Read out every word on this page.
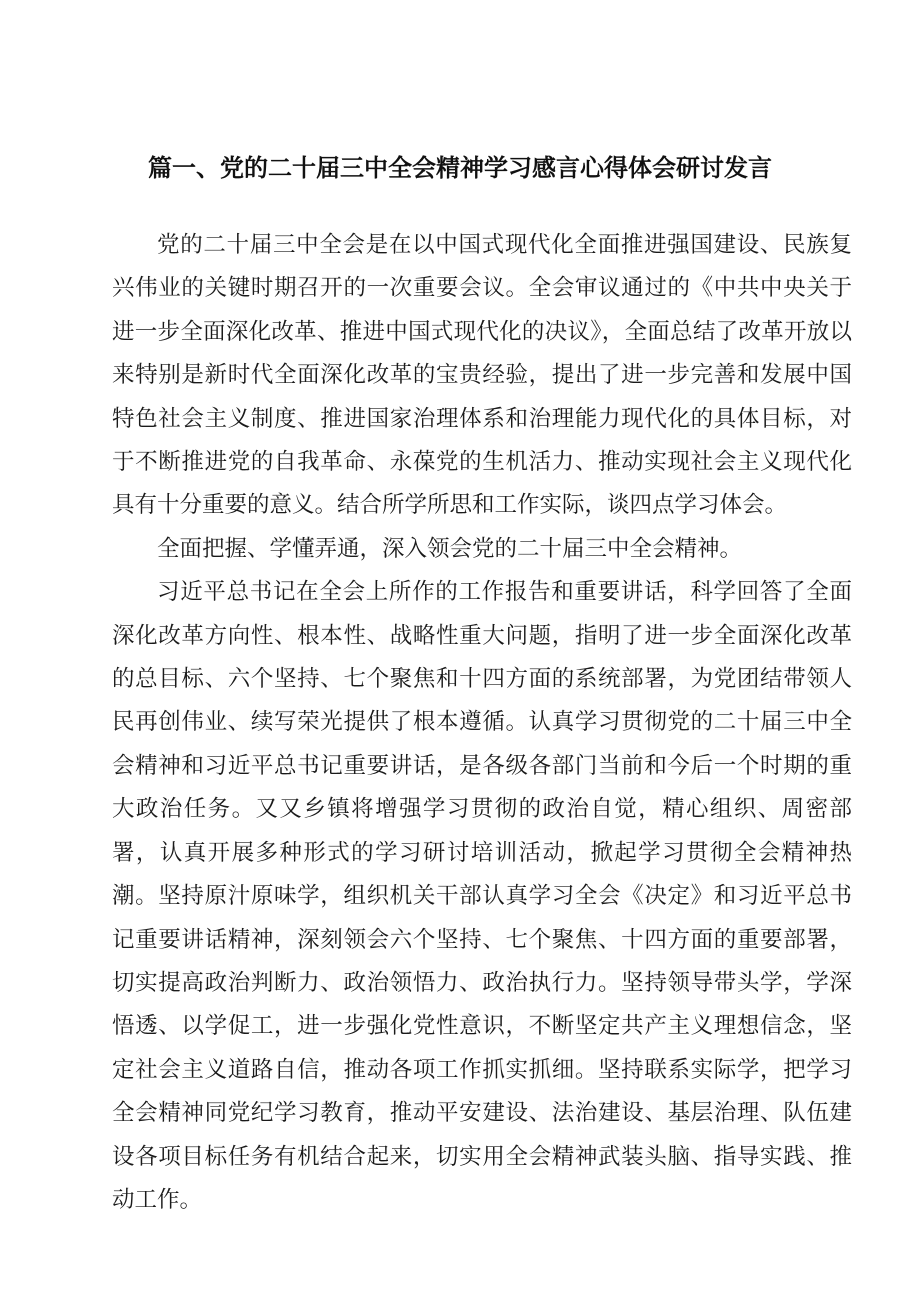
篇一、党的二十届三中全会精神学习感言心得体会研讨发言

党的二十届三中全会是在以中国式现代化全面推进强国建设、民族复兴伟业的关键时期召开的一次重要会议。全会审议通过的《中共中央关于进一步全面深化改革、推进中国式现代化的决议》，全面总结了改革开放以来特别是新时代全面深化改革的宝贵经验，提出了进一步完善和发展中国特色社会主义制度、推进国家治理体系和治理能力现代化的具体目标，对于不断推进党的自我革命、永葆党的生机活力、推动实现社会主义现代化具有十分重要的意义。结合所学所思和工作实际，谈四点学习体会。

全面把握、学懂弄通，深入领会党的二十届三中全会精神。

习近平总书记在全会上所作的工作报告和重要讲话，科学回答了全面深化改革方向性、根本性、战略性重大问题，指明了进一步全面深化改革的总目标、六个坚持、七个聚焦和十四方面的系统部署，为党团结带领人民再创伟业、续写荣光提供了根本遵循。认真学习贯彻党的二十届三中全会精神和习近平总书记重要讲话，是各级各部门当前和今后一个时期的重大政治任务。又又乡镇将增强学习贯彻的政治自觉，精心组织、周密部署，认真开展多种形式的学习研讨培训活动，掀起学习贯彻全会精神热潮。坚持原汁原味学，组织机关干部认真学习全会《决定》和习近平总书记重要讲话精神，深刻领会六个坚持、七个聚焦、十四方面的重要部署，切实提高政治判断力、政治领悟力、政治执行力。坚持领导带头学，学深悟透、以学促工，进一步强化党性意识，不断坚定共产主义理想信念，坚定社会主义道路自信，推动各项工作抓实抓细。坚持联系实际学，把学习全会精神同党纪学习教育，推动平安建设、法治建设、基层治理、队伍建设各项目标任务有机结合起来，切实用全会精神武装头脑、指导实践、推动工作。
